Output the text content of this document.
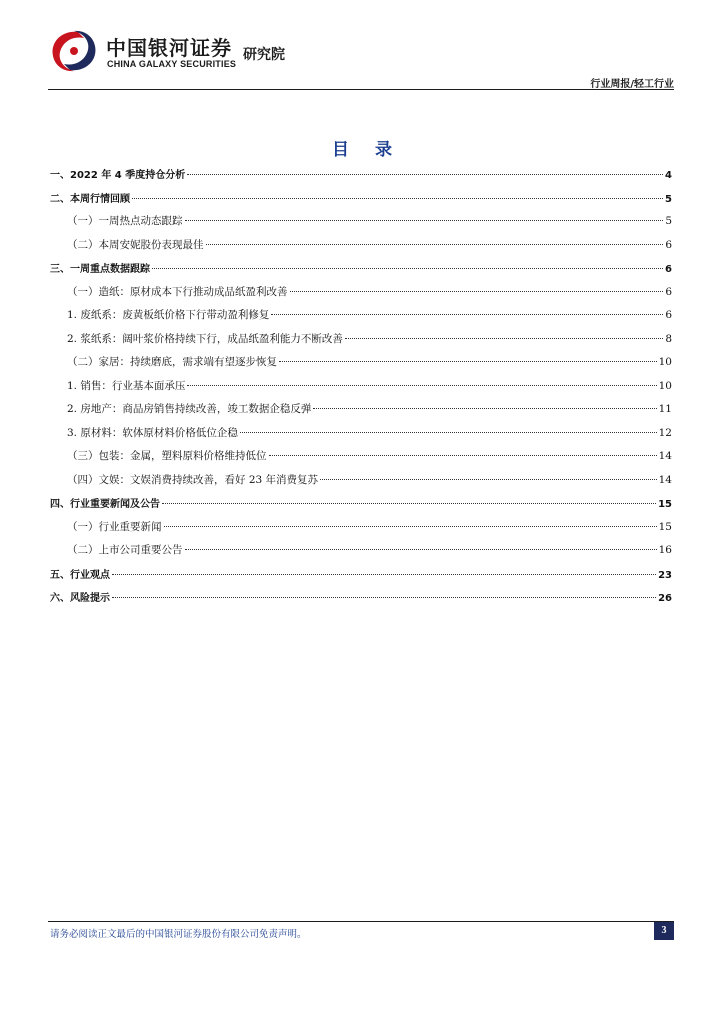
中国银河证券
CHINA GALAXY SECURITIES
研究院
行业周报/轻工行业
目 录
一、2022 年 4 季度持仓分析	4
二、本周行情回顾	5
（一）一周热点动态跟踪	5
（二）本周安妮股份表现最佳	6
三、一周重点数据跟踪	6
（一）造纸：原材成本下行推动成品纸盈利改善	6
1. 废纸系：废黄板纸价格下行带动盈利修复	6
2. 浆纸系：阔叶浆价格持续下行，成品纸盈利能力不断改善	8
（二）家居：持续磨底，需求端有望逐步恢复	10
1. 销售：行业基本面承压	10
2. 房地产：商品房销售持续改善，竣工数据企稳反弹	11
3. 原材料：软体原材料价格低位企稳	12
（三）包装：金属，塑料原料价格维持低位	14
（四）文娱：文娱消费持续改善，看好 23 年消费复苏	14
四、行业重要新闻及公告	15
（一）行业重要新闻	15
（二）上市公司重要公告	16
五、行业观点	23
六、风险提示	26
请务必阅读正文最后的中国银河证券股份有限公司免责声明。	3
